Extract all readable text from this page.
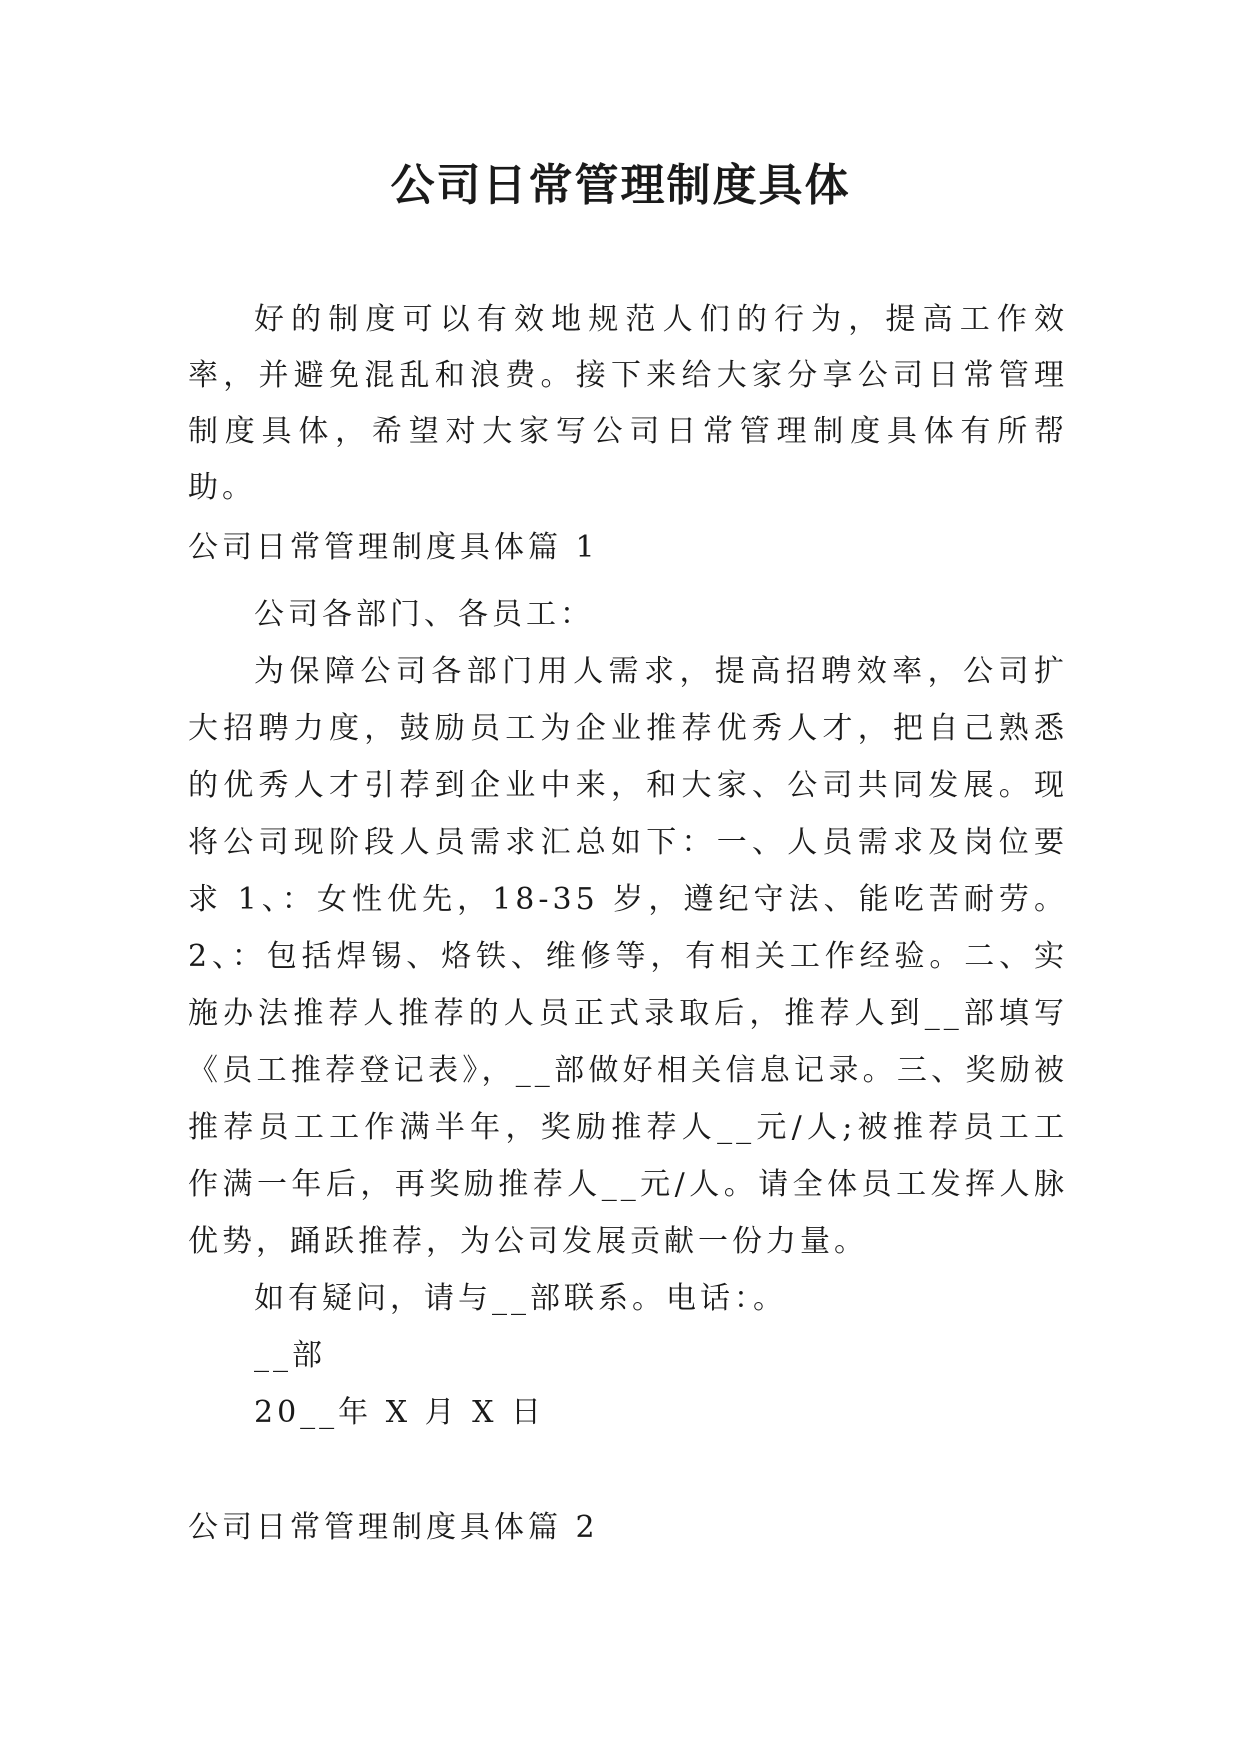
公司日常管理制度具体

好的制度可以有效地规范人们的行为，提高工作效率，并避免混乱和浪费。接下来给大家分享公司日常管理制度具体，希望对大家写公司日常管理制度具体有所帮助。

公司日常管理制度具体篇 1

公司各部门、各员工：

为保障公司各部门用人需求，提高招聘效率，公司扩大招聘力度，鼓励员工为企业推荐优秀人才，把自己熟悉的优秀人才引荐到企业中来，和大家、公司共同发展。现将公司现阶段人员需求汇总如下：一、人员需求及岗位要求 1、：女性优先，18-35 岁，遵纪守法、能吃苦耐劳。2、：包括焊锡、烙铁、维修等，有相关工作经验。二、实施办法推荐人推荐的人员正式录取后，推荐人到__部填写《员工推荐登记表》，__部做好相关信息记录。三、奖励被推荐员工工作满半年，奖励推荐人__元/人;被推荐员工工作满一年后，再奖励推荐人__元/人。请全体员工发挥人脉优势，踊跃推荐，为公司发展贡献一份力量。

如有疑问，请与__部联系。电话：。

__部

20__年 X 月 X 日

公司日常管理制度具体篇 2
